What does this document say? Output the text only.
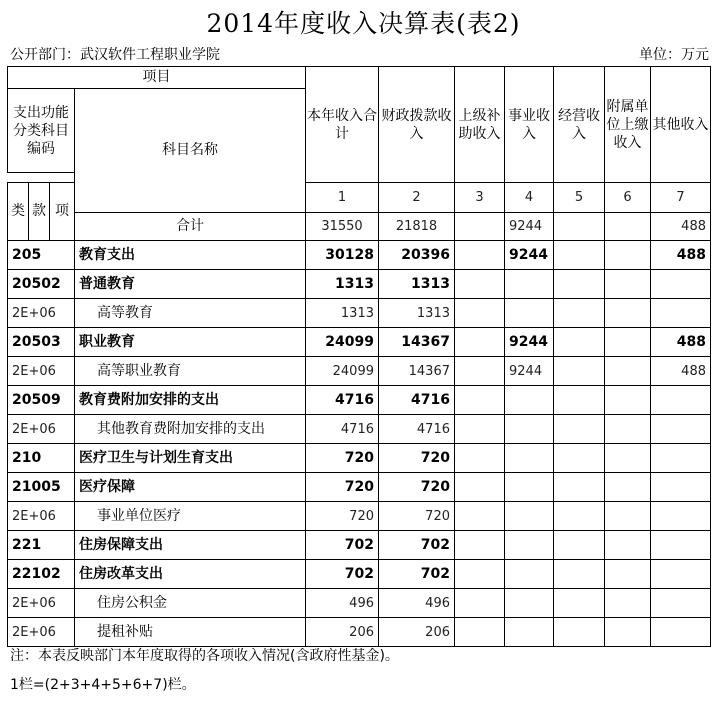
2014年度收入决算表(表2)
公开部门：武汉软件工程职业学院	单位：万元
项目				本年收入合计	财政拨款收入	上级补助收入	事业收入	经营收入	附属单位上缴收入	其他收入
支出功能分类科目编码			科目名称							

类	款	项		1	2	3	4	5	6	7
			合计	31550	21818		9244			488
205			教育支出	30128	20396		9244			488
20502			普通教育	1313	1313					
2E+06			高等教育	1313	1313					
20503			职业教育	24099	14367		9244			488
2E+06			高等职业教育	24099	14367		9244			488
20509			教育费附加安排的支出	4716	4716					
2E+06			其他教育费附加安排的支出	4716	4716					
210			医疗卫生与计划生育支出	720	720					
21005			医疗保障	720	720					
2E+06			事业单位医疗	720	720					
221			住房保障支出	702	702					
22102			住房改革支出	702	702					
2E+06			住房公积金	496	496					
2E+06			提租补贴	206	206					
注：本表反映部门本年度取得的各项收入情况(含政府性基金)。
1栏=(2+3+4+5+6+7)栏。
